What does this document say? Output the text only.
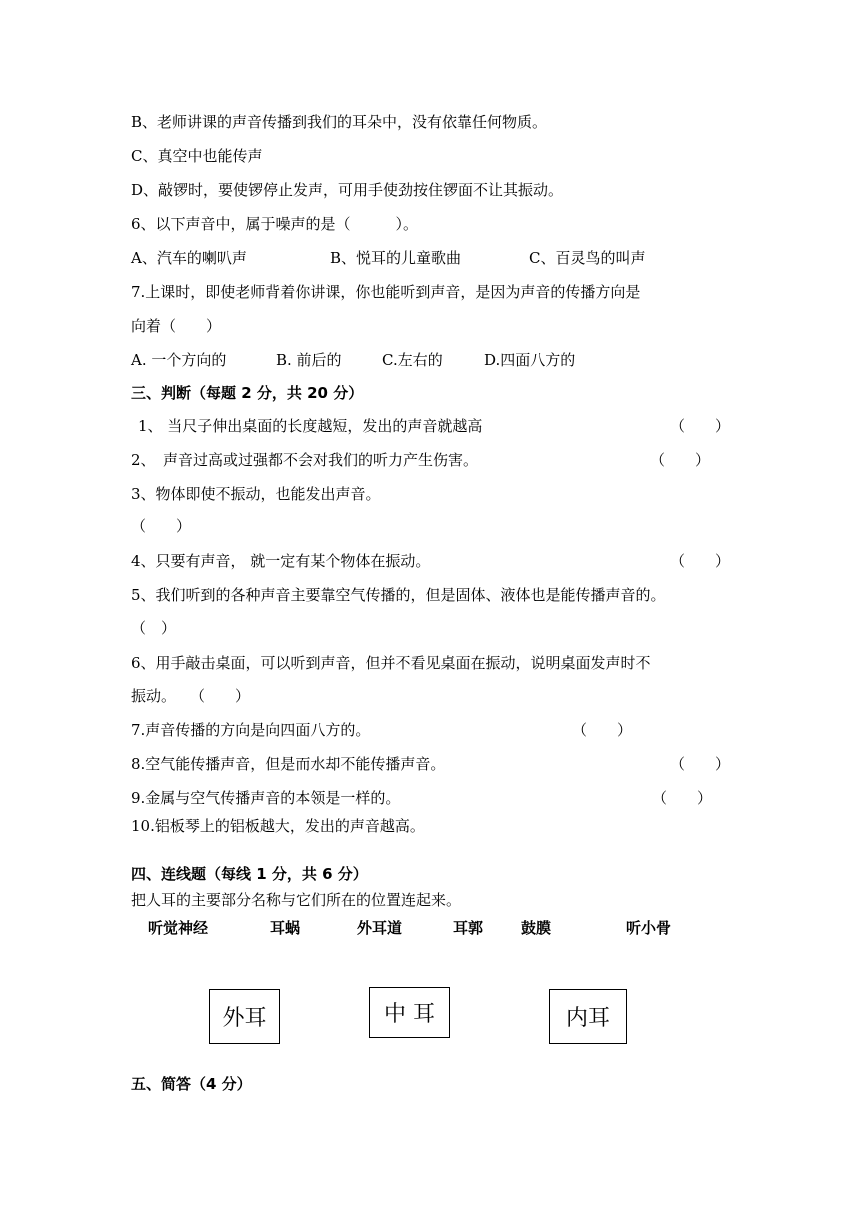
B、老师讲课的声音传播到我们的耳朵中，没有依靠任何物质。
C、真空中也能传声
D、敲锣时，要使锣停止发声，可用手使劲按住锣面不让其振动。
6、以下声音中，属于噪声的是（　　　）。
A、汽车的喇叭声	B、悦耳的儿童歌曲	C、百灵鸟的叫声
7.上课时，即使老师背着你讲课，你也能听到声音，是因为声音的传播方向是
向着（　　）
A. 一个方向的	B. 前后的	C.左右的	D.四面八方的
三、判断（每题 2 分，共 20 分）
1、 当尺子伸出桌面的长度越短，发出的声音就越高	（　　）
2、　声音过高或过强都不会对我们的听力产生伤害。	（　　）
3、物体即使不振动，也能发出声音。
（　　）
4、只要有声音， 就一定有某个物体在振动。	（　　）
5、我们听到的各种声音主要靠空气传播的，但是固体、液体也是能传播声音的。
（　）
6、用手敲击桌面，可以听到声音，但并不看见桌面在振动，说明桌面发声时不
振动。 （　　）
7.声音传播的方向是向四面八方的。	（　　）
8.空气能传播声音，但是而水却不能传播声音。	（　　）
9.金属与空气传播声音的本领是一样的。	（　　）
10.铝板琴上的铝板越大，发出的声音越高。
四、连线题（每线 1 分，共 6 分）
把人耳的主要部分名称与它们所在的位置连起来。
听觉神经	耳蜗	外耳道	耳郭	鼓膜	听小骨
外耳	中 耳	内耳
五、简答（4 分）
